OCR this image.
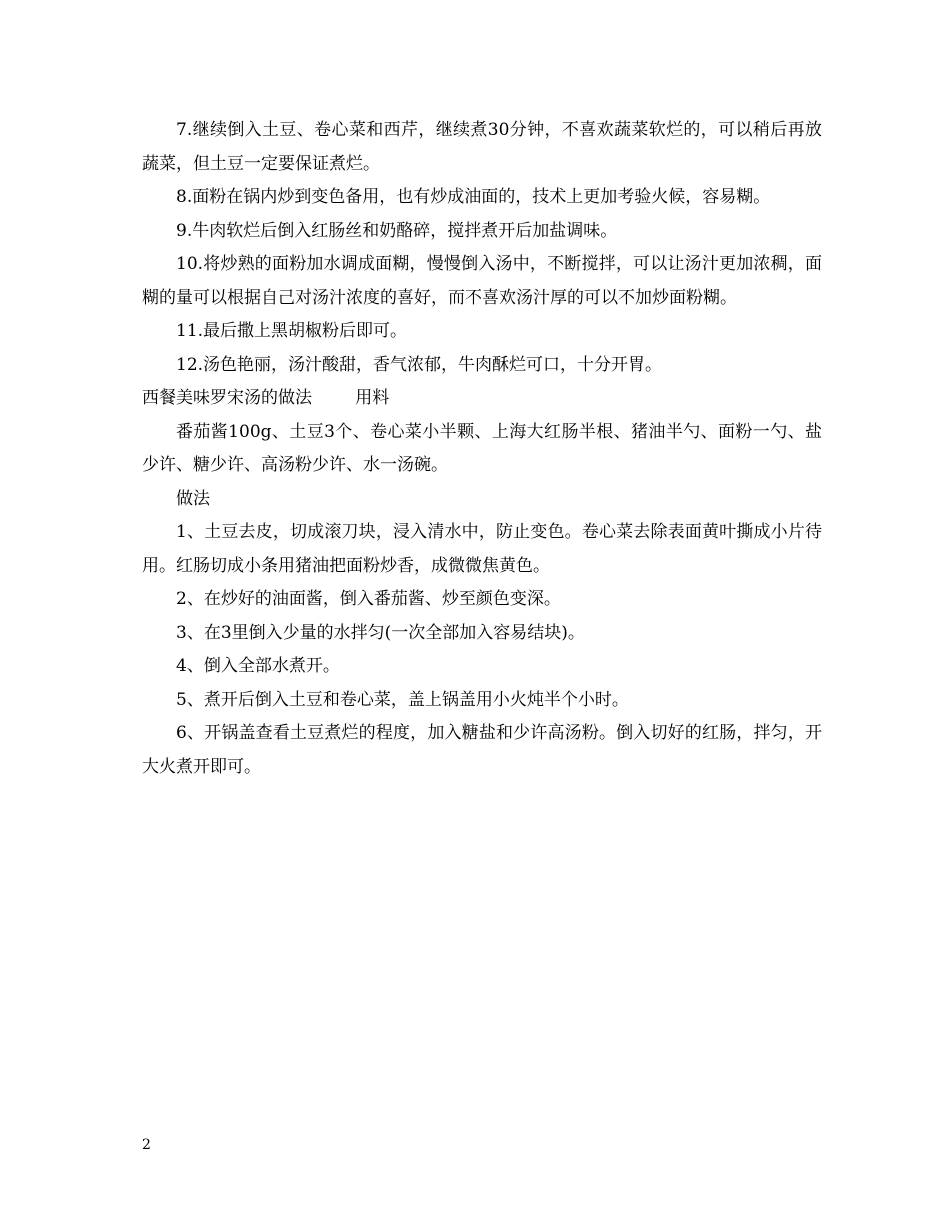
7.继续倒入土豆、卷心菜和西芹，继续煮30分钟，不喜欢蔬菜软烂的，可以稍后再放蔬菜，但土豆一定要保证煮烂。

8.面粉在锅内炒到变色备用，也有炒成油面的，技术上更加考验火候，容易糊。

9.牛肉软烂后倒入红肠丝和奶酪碎，搅拌煮开后加盐调味。

10.将炒熟的面粉加水调成面糊，慢慢倒入汤中，不断搅拌，可以让汤汁更加浓稠，面糊的量可以根据自己对汤汁浓度的喜好，而不喜欢汤汁厚的可以不加炒面粉糊。

11.最后撒上黑胡椒粉后即可。

12.汤色艳丽，汤汁酸甜，香气浓郁，牛肉酥烂可口，十分开胃。

西餐美味罗宋汤的做法	用料

番茄酱100g、土豆3个、卷心菜小半颗、上海大红肠半根、猪油半勺、面粉一勺、盐少许、糖少许、高汤粉少许、水一汤碗。

做法

1、土豆去皮，切成滚刀块，浸入清水中，防止变色。卷心菜去除表面黄叶撕成小片待用。红肠切成小条用猪油把面粉炒香，成微微焦黄色。

2、在炒好的油面酱，倒入番茄酱、炒至颜色变深。

3、在3里倒入少量的水拌匀(一次全部加入容易结块)。

4、倒入全部水煮开。

5、煮开后倒入土豆和卷心菜，盖上锅盖用小火炖半个小时。

6、开锅盖查看土豆煮烂的程度，加入糖盐和少许高汤粉。倒入切好的红肠，拌匀，开大火煮开即可。

2
